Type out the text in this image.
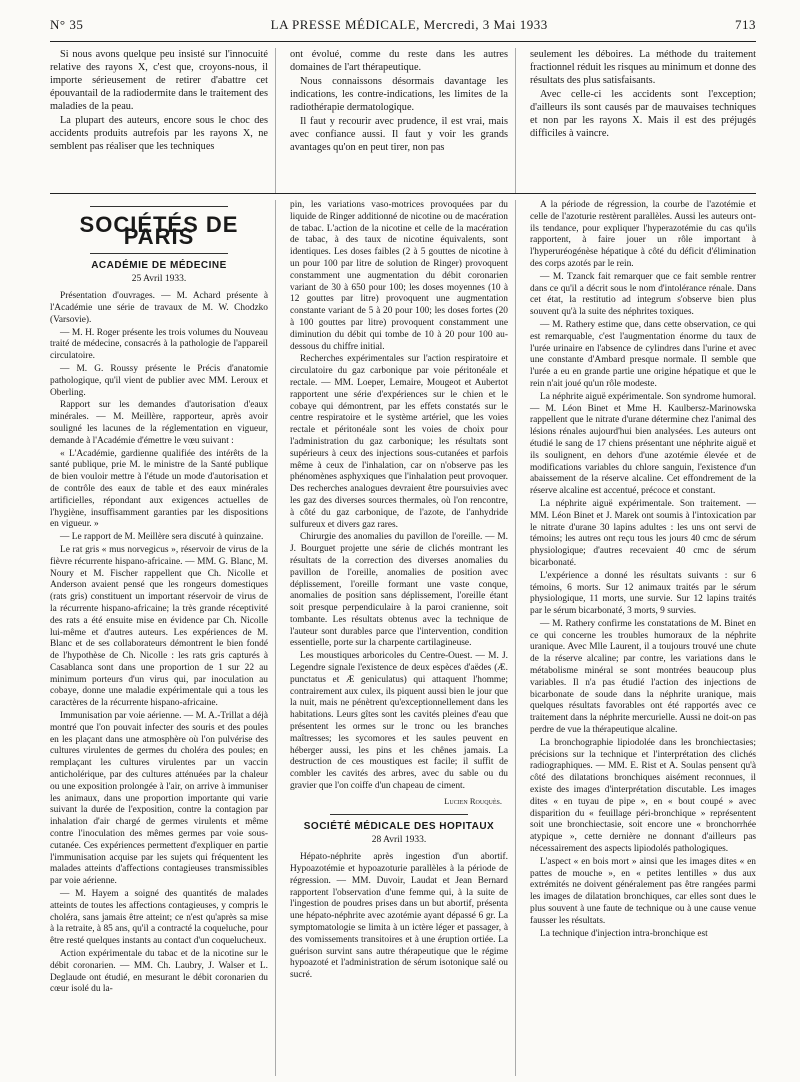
N° 35	LA PRESSE MÉDICALE, Mercredi, 3 Mai 1933	713

Si nous avons quelque peu insisté sur l'innocuité relative des rayons X, c'est que, croyons-nous, il importe sérieusement de retirer d'abattre cet épouvantail de la radiodermite dans le traitement des maladies de la peau.

La plupart des auteurs, encore sous le choc des accidents produits autrefois par les rayons X, ne semblent pas réaliser que les techniques

ont évolué, comme du reste dans les autres domaines de l'art thérapeutique.

Nous connaissons désormais davantage les indications, les contre-indications, les limites de la radiothérapie dermatologique.

Il faut y recourir avec prudence, il est vrai, mais avec confiance aussi. Il faut y voir les grands avantages qu'on en peut tirer, non pas

seulement les déboires. La méthode du traitement fractionnel réduit les risques au minimum et donne des résultats des plus satisfaisants.

Avec celle-ci les accidents sont l'exception; d'ailleurs ils sont causés par de mauvaises techniques et non par les rayons X. Mais il est des préjugés difficiles à vaincre.

SOCIÉTÉS DE PARIS
ACADÉMIE DE MÉDECINE
25 Avril 1933.

Présentation d'ouvrages. — M. Achard présente à l'Académie une série de travaux de M. W. Chodzko (Varsovie).

— M. H. Roger présente les trois volumes du Nouveau traité de médecine, consacrés à la pathologie de l'appareil circulatoire.

— M. G. Roussy présente le Précis d'anatomie pathologique, qu'il vient de publier avec MM. Leroux et Oberling.

Rapport sur les demandes d'autorisation d'eaux minérales. — M. Meillère, rapporteur, après avoir souligné les lacunes de la réglementation en vigueur, demande à l'Académie d'émettre le vœu suivant :

« L'Académie, gardienne qualifiée des intérêts de la santé publique, prie M. le ministre de la Santé publique de bien vouloir mettre à l'étude un mode d'autorisation et de contrôle des eaux de table et des eaux minérales artificielles, répondant aux exigences actuelles de l'hygiène, insuffisamment garanties par les dispositions en vigueur. »

— Le rapport de M. Meillère sera discuté à quinzaine.

Le rat gris « mus norvegicus », réservoir de virus de la fièvre récurrente hispano-africaine. — MM. G. Blanc, M. Noury et M. Fischer rappellent que Ch. Nicolle et Anderson avaient pensé que les rongeurs domestiques (rats gris) constituent un important réservoir de virus de la récurrente hispano-africaine; la très grande réceptivité des rats a été ensuite mise en évidence par Ch. Nicolle lui-même et d'autres auteurs. Les expériences de M. Blanc et de ses collaborateurs démontrent le bien fondé de l'hypothèse de Ch. Nicolle : les rats gris capturés à Casablanca sont dans une proportion de 1 sur 22 au minimum porteurs d'un virus qui, par inoculation au cobaye, donne une maladie expérimentale qui a tous les caractères de la récurrente hispano-africaine.

Immunisation par voie aérienne. — M. A.-Trillat a déjà montré que l'on pouvait infecter des souris et des poules en les plaçant dans une atmosphère où l'on pulvérise des cultures virulentes de germes du choléra des poules; en remplaçant les cultures virulentes par un vaccin anticholérique, par des cultures atténuées par la chaleur ou une exposition prolongée à l'air, on arrive à immuniser les animaux, dans une proportion importante qui varie suivant la durée de l'exposition, contre la contagion par inhalation d'air chargé de germes virulents et même contre l'inoculation des mêmes germes par voie sous-cutanée. Ces expériences permettent d'expliquer en partie l'immunisation acquise par les sujets qui fréquentent les malades atteints d'affections contagieuses transmissibles par voie aérienne.

— M. Hayem a soigné des quantités de malades atteints de toutes les affections contagieuses, y compris le choléra, sans jamais être atteint; ce n'est qu'après sa mise à la retraite, à 85 ans, qu'il a contracté la coqueluche, pour être resté quelques instants au contact d'un coquelucheux.

Action expérimentale du tabac et de la nicotine sur le débit coronarien. — MM. Ch. Laubry, J. Walser et L. Deglaude ont étudié, en mesurant le débit coronarien du cœur isolé du la-

pin, les variations vaso-motrices provoquées par du liquide de Ringer additionné de nicotine ou de macération de tabac. L'action de la nicotine et celle de la macération de tabac, à des taux de nicotine équivalents, sont identiques. Les doses faibles (2 à 5 gouttes de nicotine à un pour 100 par litre de solution de Ringer) provoquent constamment une augmentation du débit coronarien variant de 30 à 650 pour 100; les doses moyennes (10 à 12 gouttes par litre) provoquent une augmentation constante variant de 5 à 20 pour 100; les doses fortes (20 à 100 gouttes par litre) provoquent constamment une diminution du débit qui tombe de 10 à 20 pour 100 au-dessous du chiffre initial.

Recherches expérimentales sur l'action respiratoire et circulatoire du gaz carbonique par voie péritonéale et rectale. — MM. Loeper, Lemaire, Mougeot et Aubertot rapportent une série d'expériences sur le chien et le cobaye qui démontrent, par les effets constatés sur le centre respiratoire et le système artériel, que les voies rectale et péritonéale sont les voies de choix pour l'administration du gaz carbonique; les résultats sont supérieurs à ceux des injections sous-cutanées et parfois même à ceux de l'inhalation, car on n'observe pas les phénomènes asphyxiques que l'inhalation peut provoquer. Des recherches analogues devraient être poursuivies avec les gaz des diverses sources thermales, où l'on rencontre, à côté du gaz carbonique, de l'azote, de l'anhydride sulfureux et divers gaz rares.

Chirurgie des anomalies du pavillon de l'oreille. — M. J. Bourguet projette une série de clichés montrant les résultats de la correction des diverses anomalies du pavillon de l'oreille, anomalies de position avec déplissement, l'oreille formant une vaste conque, anomalies de position sans déplissement, l'oreille étant soit presque perpendiculaire à la paroi cranienne, soit tombante. Les résultats obtenus avec la technique de l'auteur sont durables parce que l'intervention, condition essentielle, porte sur la charpente cartilagineuse.

Les moustiques arboricoles du Centre-Ouest. — M. J. Legendre signale l'existence de deux espèces d'aëdes (Æ. punctatus et Æ geniculatus) qui attaquent l'homme; contrairement aux culex, ils piquent aussi bien le jour que la nuit, mais ne pénètrent qu'exceptionnellement dans les habitations. Leurs gîtes sont les cavités pleines d'eau que présentent les ormes sur le tronc ou les branches maîtresses; les sycomores et les saules peuvent en héberger aussi, les pins et les chênes jamais. La destruction de ces moustiques est facile; il suffit de combler les cavités des arbres, avec du sable ou du gravier que l'on coiffe d'un chapeau de ciment.

Lucien Rouquès.
SOCIÉTÉ MÉDICALE DES HOPITAUX
28 Avril 1933.

Hépato-néphrite après ingestion d'un abortif. Hypoazotémie et hypoazoturie parallèles à la période de régression. — MM. Duvoir, Laudat et Jean Bernard rapportent l'observation d'une femme qui, à la suite de l'ingestion de poudres prises dans un but abortif, présenta une hépato-néphrite avec azotémie ayant dépassé 6 gr. La symptomatologie se limita à un ictère léger et passager, à des vomissements transitoires et à une éruption ortiée. La guérison survint sans autre thérapeutique que le régime hypoazoté et l'administration de sérum isotonique salé ou sucré.

A la période de régression, la courbe de l'azotémie et celle de l'azoturie restèrent parallèles. Aussi les auteurs ont-ils tendance, pour expliquer l'hyperazotémie du cas qu'ils rapportent, à faire jouer un rôle important à l'hyperuréogénèse hépatique à côté du déficit d'élimination des corps azotés par le rein.

— M. Tzanck fait remarquer que ce fait semble rentrer dans ce qu'il a décrit sous le nom d'intolérance rénale. Dans cet état, la restitutio ad integrum s'observe bien plus souvent qu'à la suite des néphrites toxiques.

— M. Rathery estime que, dans cette observation, ce qui est remarquable, c'est l'augmentation énorme du taux de l'urée urinaire en l'absence de cylindres dans l'urine et avec une constante d'Ambard presque normale. Il semble que l'urée a eu en grande partie une origine hépatique et que le rein n'ait joué qu'un rôle modeste.

La néphrite aiguë expérimentale. Son syndrome humoral. — M. Léon Binet et Mme H. Kaulbersz-Marinowska rappellent que le nitrate d'urane détermine chez l'animal des lésions rénales aujourd'hui bien analysées. Les auteurs ont étudié le sang de 17 chiens présentant une néphrite aiguë et ils soulignent, en dehors d'une azotémie élevée et de modifications variables du chlore sanguin, l'existence d'un abaissement de la réserve alcaline. Cet effondrement de la réserve alcaline est accentué, précoce et constant.

La néphrite aiguë expérimentale. Son traitement. — MM. Léon Binet et J. Marek ont soumis à l'intoxication par le nitrate d'urane 30 lapins adultes : les uns ont servi de témoins; les autres ont reçu tous les jours 40 cmc de sérum physiologique; d'autres recevaient 40 cmc de sérum bicarbonaté.

L'expérience a donné les résultats suivants : sur 6 témoins, 6 morts. Sur 12 animaux traités par le sérum physiologique, 11 morts, une survie. Sur 12 lapins traités par le sérum bicarbonaté, 3 morts, 9 survies.

— M. Rathery confirme les constatations de M. Binet en ce qui concerne les troubles humoraux de la néphrite uranique. Avec Mlle Laurent, il a toujours trouvé une chute de la réserve alcaline; par contre, les variations dans le métabolisme minéral se sont montrées beaucoup plus variables. Il n'a pas étudié l'action des injections de bicarbonate de soude dans la néphrite uranique, mais quelques résultats favorables ont été rapportés avec ce traitement dans la néphrite mercurielle. Aussi ne doit-on pas perdre de vue la thérapeutique alcaline.

La bronchographie lipiodolée dans les bronchiectasies; précisions sur la technique et l'interprétation des clichés radiographiques. — MM. E. Rist et A. Soulas pensent qu'à côté des dilatations bronchiques aisément reconnues, il existe des images d'interprétation discutable. Les images dites « en tuyau de pipe », en « bout coupé » avec disparition du « feuillage péri-bronchique » représentent soit une bronchiectasie, soit encore une « bronchorrhée atypique », cette dernière ne donnant d'ailleurs pas nécessairement des aspects lipiodolés pathologiques.

L'aspect « en bois mort » ainsi que les images dites « en pattes de mouche », en « petites lentilles » dus aux extrémités ne doivent généralement pas être rangées parmi les images de dilatation bronchiques, car elles sont dues le plus souvent à une faute de technique ou à une cause venue fausser les résultats.

La technique d'injection intra-bronchique est
